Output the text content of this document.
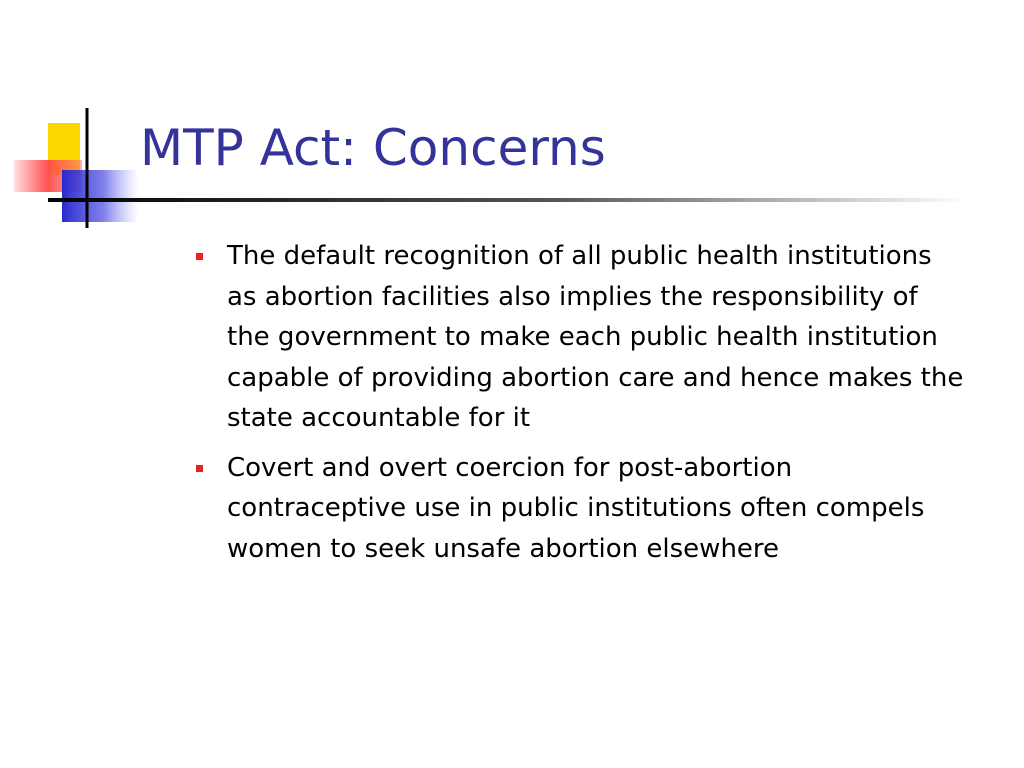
MTP Act: Concerns
The default recognition of all public health institutions as abortion facilities also implies the responsibility of the government to make each public health institution capable of providing abortion care and hence makes the state accountable for it
Covert and overt coercion for post-abortion contraceptive use in public institutions often compels women to seek unsafe abortion elsewhere
